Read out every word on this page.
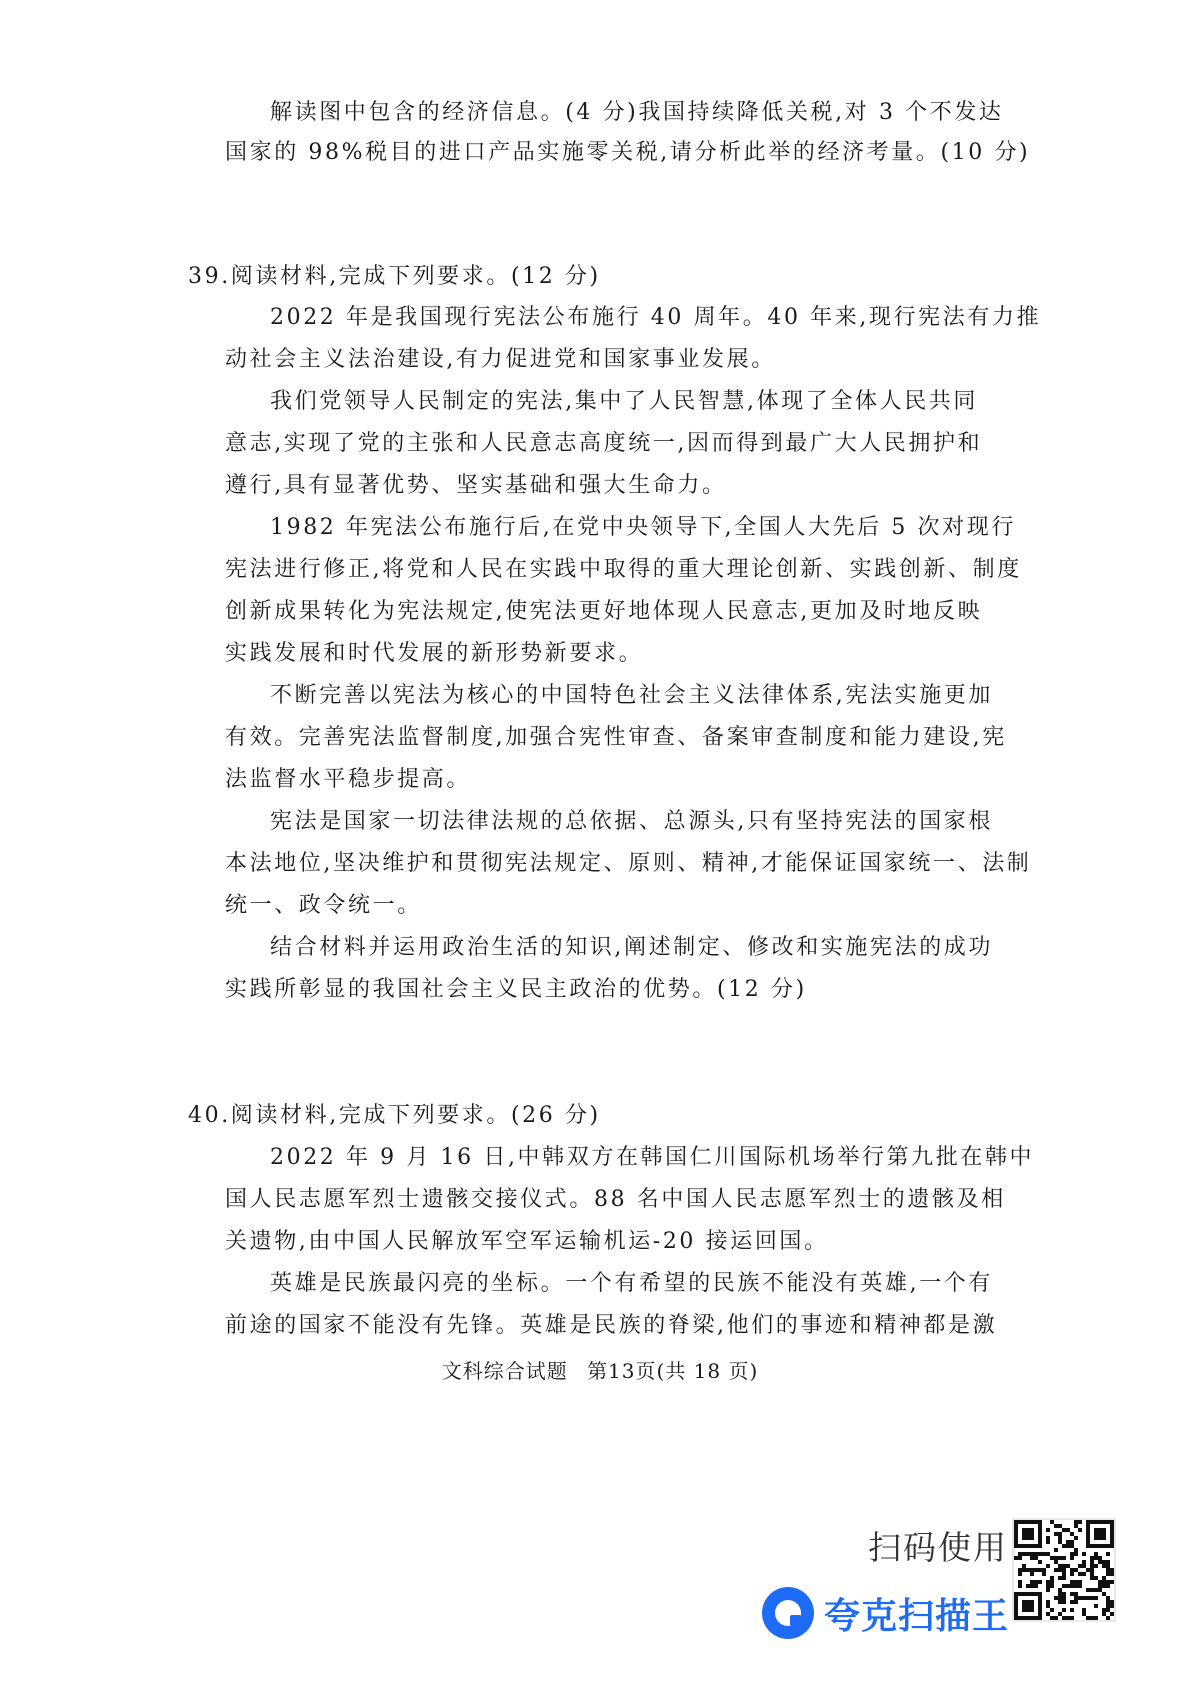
解读图中包含的经济信息。(4 分)我国持续降低关税,对 3 个不发达
国家的 98%税目的进口产品实施零关税,请分析此举的经济考量。(10 分)
39.阅读材料,完成下列要求。(12 分)
2022 年是我国现行宪法公布施行 40 周年。40 年来,现行宪法有力推
动社会主义法治建设,有力促进党和国家事业发展。
我们党领导人民制定的宪法,集中了人民智慧,体现了全体人民共同
意志,实现了党的主张和人民意志高度统一,因而得到最广大人民拥护和
遵行,具有显著优势、坚实基础和强大生命力。
1982 年宪法公布施行后,在党中央领导下,全国人大先后 5 次对现行
宪法进行修正,将党和人民在实践中取得的重大理论创新、实践创新、制度
创新成果转化为宪法规定,使宪法更好地体现人民意志,更加及时地反映
实践发展和时代发展的新形势新要求。
不断完善以宪法为核心的中国特色社会主义法律体系,宪法实施更加
有效。完善宪法监督制度,加强合宪性审查、备案审查制度和能力建设,宪
法监督水平稳步提高。
宪法是国家一切法律法规的总依据、总源头,只有坚持宪法的国家根
本法地位,坚决维护和贯彻宪法规定、原则、精神,才能保证国家统一、法制
统一、政令统一。
结合材料并运用政治生活的知识,阐述制定、修改和实施宪法的成功
实践所彰显的我国社会主义民主政治的优势。(12 分)
40.阅读材料,完成下列要求。(26 分)
2022 年 9 月 16 日,中韩双方在韩国仁川国际机场举行第九批在韩中
国人民志愿军烈士遗骸交接仪式。88 名中国人民志愿军烈士的遗骸及相
关遗物,由中国人民解放军空军运输机运-20 接运回国。
英雄是民族最闪亮的坐标。一个有希望的民族不能没有英雄,一个有
前途的国家不能没有先锋。英雄是民族的脊梁,他们的事迹和精神都是激
文科综合试题 第13页(共 18 页)
扫码使用
夸克扫描王
